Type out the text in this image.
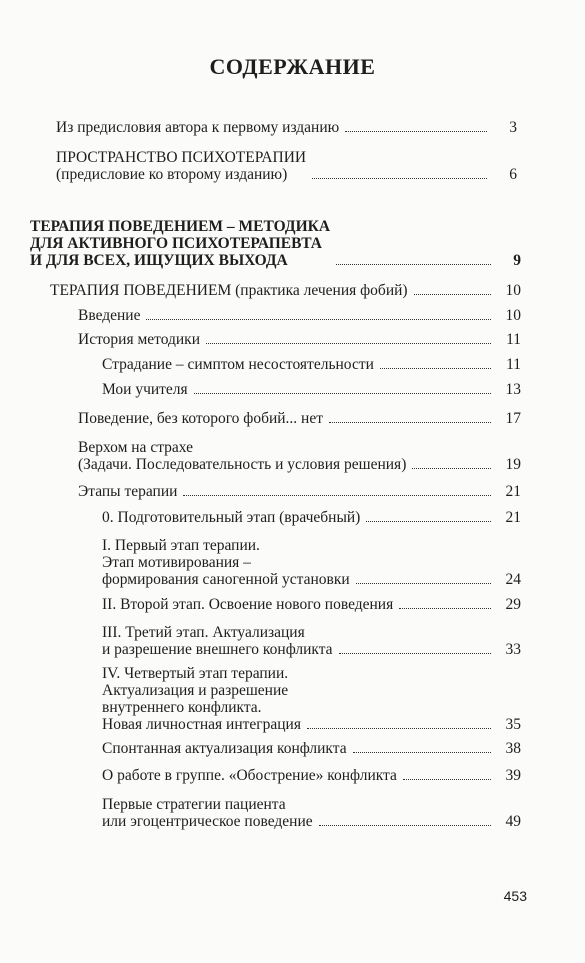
СОДЕРЖАНИЕ
Из предисловия автора к первому изданию	3
ПРОСТРАНСТВО ПСИХОТЕРАПИИ
(предисловие ко второму изданию)	6
ТЕРАПИЯ ПОВЕДЕНИЕМ – МЕТОДИКА
ДЛЯ АКТИВНОГО ПСИХОТЕРАПЕВТА
И ДЛЯ ВСЕХ, ИЩУЩИХ ВЫХОДА	9
ТЕРАПИЯ ПОВЕДЕНИЕМ (практика лечения фобий)	10
Введение	10
История методики	11
Страдание – симптом несостоятельности	11
Мои учителя	13
Поведение, без которого фобий... нет	17
Верхом на страхе
(Задачи. Последовательность и условия решения)	19
Этапы терапии	21
0. Подготовительный этап (врачебный)	21
I. Первый этап терапии.
Этап мотивирования –
формирования саногенной установки	24
II. Второй этап. Освоение нового поведения	29
III. Третий этап. Актуализация
и разрешение внешнего конфликта	33
IV. Четвертый этап терапии.
Актуализация и разрешение
внутреннего конфликта.
Новая личностная интеграция	35
Спонтанная актуализация конфликта	38
О работе в группе. «Обострение» конфликта	39
Первые стратегии пациента
или эгоцентрическое поведение	49
453
